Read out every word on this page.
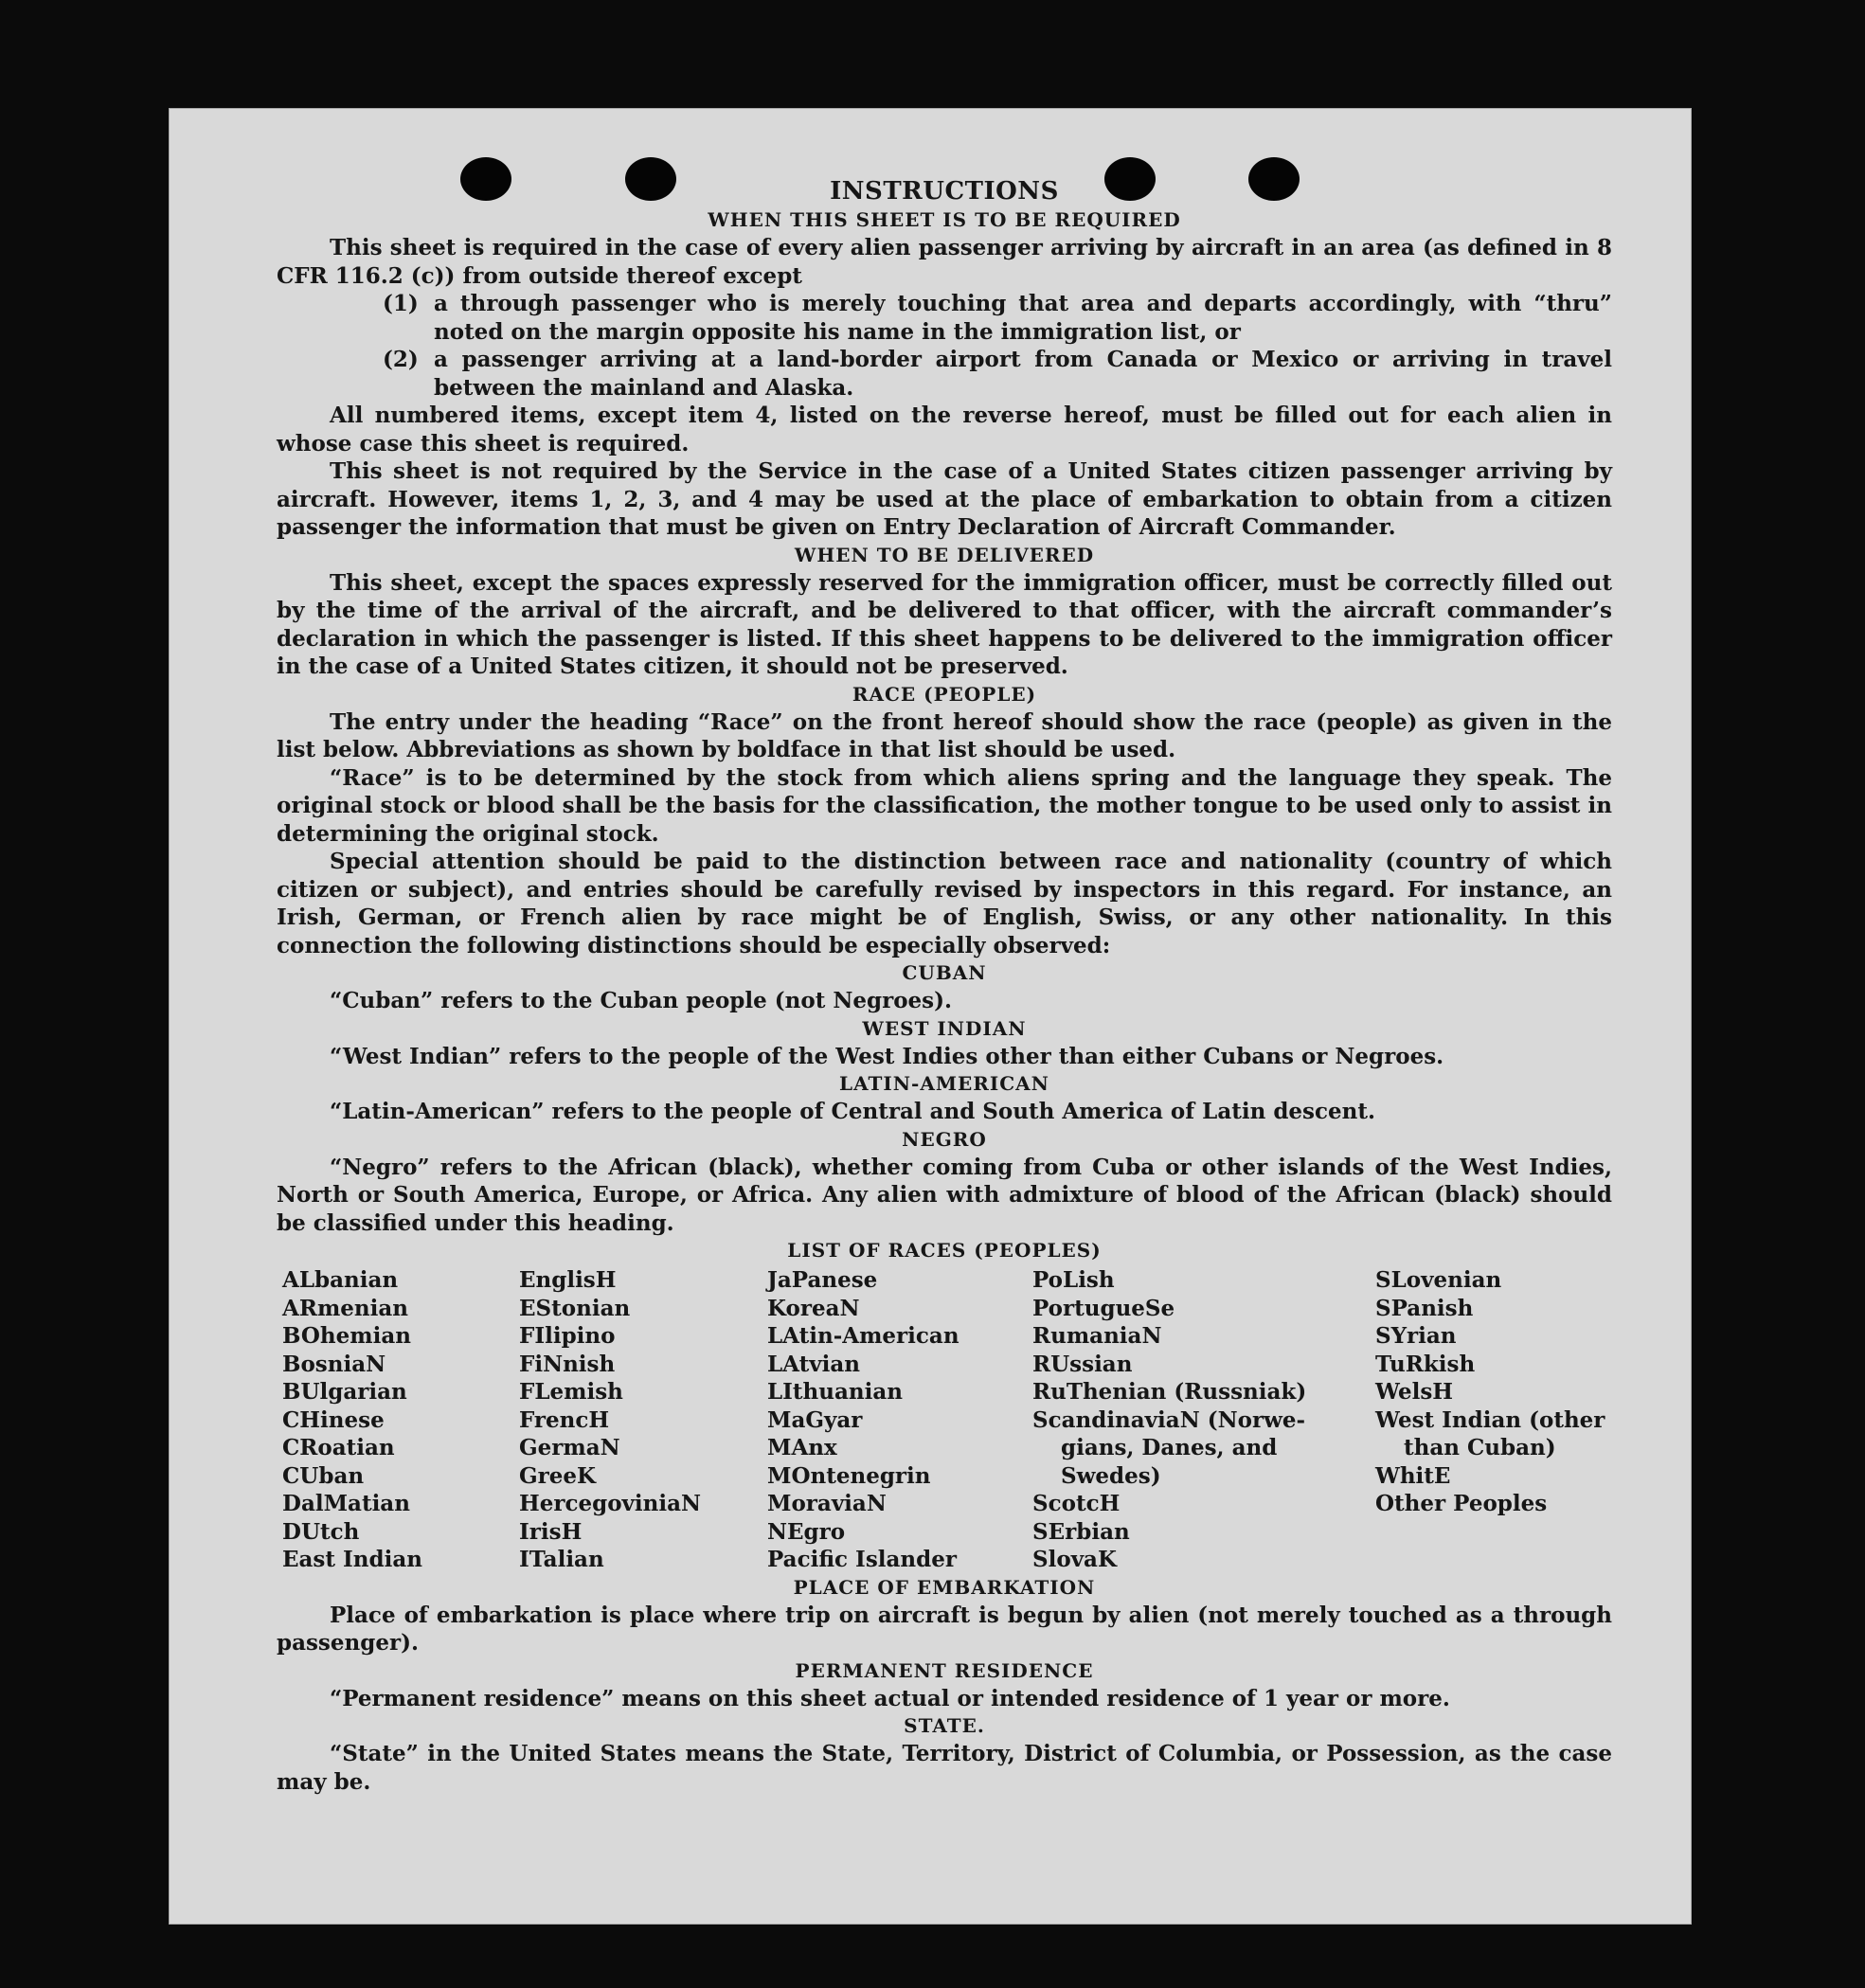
INSTRUCTIONS
WHEN THIS SHEET IS TO BE REQUIRED

This sheet is required in the case of every alien passenger arriving by aircraft in an area (as defined in 8 CFR 116.2 (c)) from outside thereof except

(1) a through passenger who is merely touching that area and departs accordingly, with “thru” noted on the margin opposite his name in the immigration list, or
(2) a passenger arriving at a land-border airport from Canada or Mexico or arriving in travel between the mainland and Alaska.

All numbered items, except item 4, listed on the reverse hereof, must be filled out for each alien in whose case this sheet is required.

This sheet is not required by the Service in the case of a United States citizen passenger arriving by aircraft. However, items 1, 2, 3, and 4 may be used at the place of embarkation to obtain from a citizen passenger the information that must be given on Entry Declaration of Aircraft Commander.

WHEN TO BE DELIVERED

This sheet, except the spaces expressly reserved for the immigration officer, must be correctly filled out by the time of the arrival of the aircraft, and be delivered to that officer, with the aircraft commander’s declaration in which the passenger is listed. If this sheet happens to be delivered to the immigration officer in the case of a United States citizen, it should not be preserved.

RACE (PEOPLE)

The entry under the heading “Race” on the front hereof should show the race (people) as given in the list below. Abbreviations as shown by boldface in that list should be used.

“Race” is to be determined by the stock from which aliens spring and the language they speak. The original stock or blood shall be the basis for the classification, the mother tongue to be used only to assist in determining the original stock.

Special attention should be paid to the distinction between race and nationality (country of which citizen or subject), and entries should be carefully revised by inspectors in this regard. For instance, an Irish, German, or French alien by race might be of English, Swiss, or any other nationality. In this connection the following distinctions should be especially observed:

CUBAN

“Cuban” refers to the Cuban people (not Negroes).

WEST INDIAN

“West Indian” refers to the people of the West Indies other than either Cubans or Negroes.

LATIN-AMERICAN

“Latin-American” refers to the people of Central and South America of Latin descent.

NEGRO

“Negro” refers to the African (black), whether coming from Cuba or other islands of the West Indies, North or South America, Europe, or Africa. Any alien with admixture of blood of the African (black) should be classified under this heading.

LIST OF RACES (PEOPLES)
ALbanian
ARmenian
BOhemian
BosniaN
BUlgarian
CHinese
CRoatian
CUban
DalMatian
DUtch
East Indian
EnglisH
EStonian
FIlipino
FiNnish
FLemish
FrencH
GermaN
GreeK
HercegoviniaN
IrisH
ITalian
JaPanese
KoreaN
LAtin-American
LAtvian
LIthuanian
MaGyar
MAnx
MOntenegrin
MoraviaN
NEgro
Pacific Islander
PoLish
PortugueSe
RumaniaN
RUssian
RuThenian (Russniak)
ScandinaviaN (Norwe-
gians, Danes, and
Swedes)
ScotcH
SErbian
SlovaK
SLovenian
SPanish
SYrian
TuRkish
WelsH
West Indian (other
than Cuban)
WhitE
Other Peoples
PLACE OF EMBARKATION

Place of embarkation is place where trip on aircraft is begun by alien (not merely touched as a through passenger).

PERMANENT RESIDENCE

“Permanent residence” means on this sheet actual or intended residence of 1 year or more.

STATE.

“State” in the United States means the State, Territory, District of Columbia, or Possession, as the case may be.
